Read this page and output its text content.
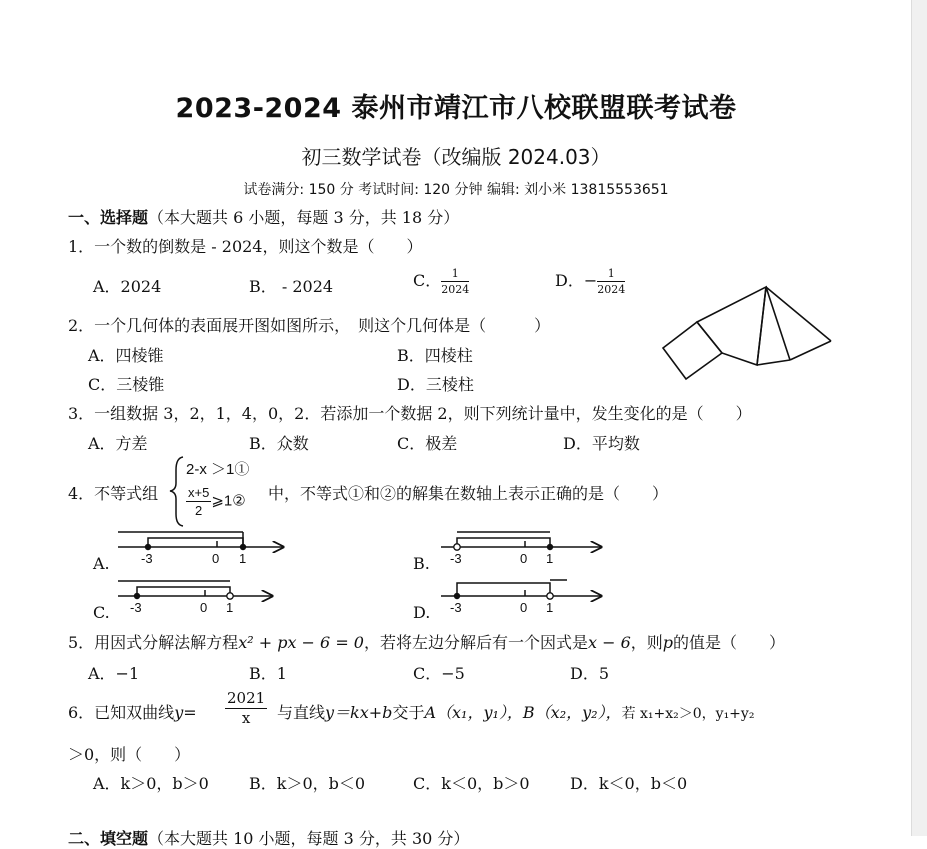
2023-2024 泰州市靖江市八校联盟联考试卷
初三数学试卷（改编版 2024.03）
试卷满分: 150 分 考试时间: 120 分钟 编辑: 刘小米 13815553651
一、选择题（本大题共 6 小题，每题 3 分，共 18 分）
1．一个数的倒数是 - 2024，则这个数是（　　）
A．2024	B． - 2024	C． $\frac{1}{2024}$	D．− $\frac{1}{2024}$
2．一个几何体的表面展开图如图所示，　则这个几何体是（　　　）
A．四棱锥	B．四棱柱
C．三棱锥	D．三棱柱
3．一组数据 3，2，1，4，0，2．若添加一个数据 2，则下列统计量中，发生变化的是（　　）
A．方差	B．众数	C．极差	D．平均数
4．不等式组
2-x ＞1①
$\frac{x+5}{2}$ ⩾1② 中，不等式①和②的解集在数轴上表示正确的是（　　）
A.	B.
C.	D.
-3	0 1	-3	0 1
-3	0 1	-3	0 1
5．用因式分解法解方程x² + px − 6 = 0，若将左边分解后有一个因式是x − 6，则p的值是（　　）
A．−1	B．1	C．−5	D．5
6．已知双曲线$y= \frac{2021}{x}$ 与直线y＝kx+b交于A（x₁，y₁），B（x₂，y₂），若 x₁+x₂＞0，y₁+y₂
＞0，则（　　）
A．k＞0，b＞0	B．k＞0，b＜0	C．k＜0，b＞0	D．k＜0，b＜0
二、填空题（本大题共 10 小题，每题 3 分，共 30 分）
